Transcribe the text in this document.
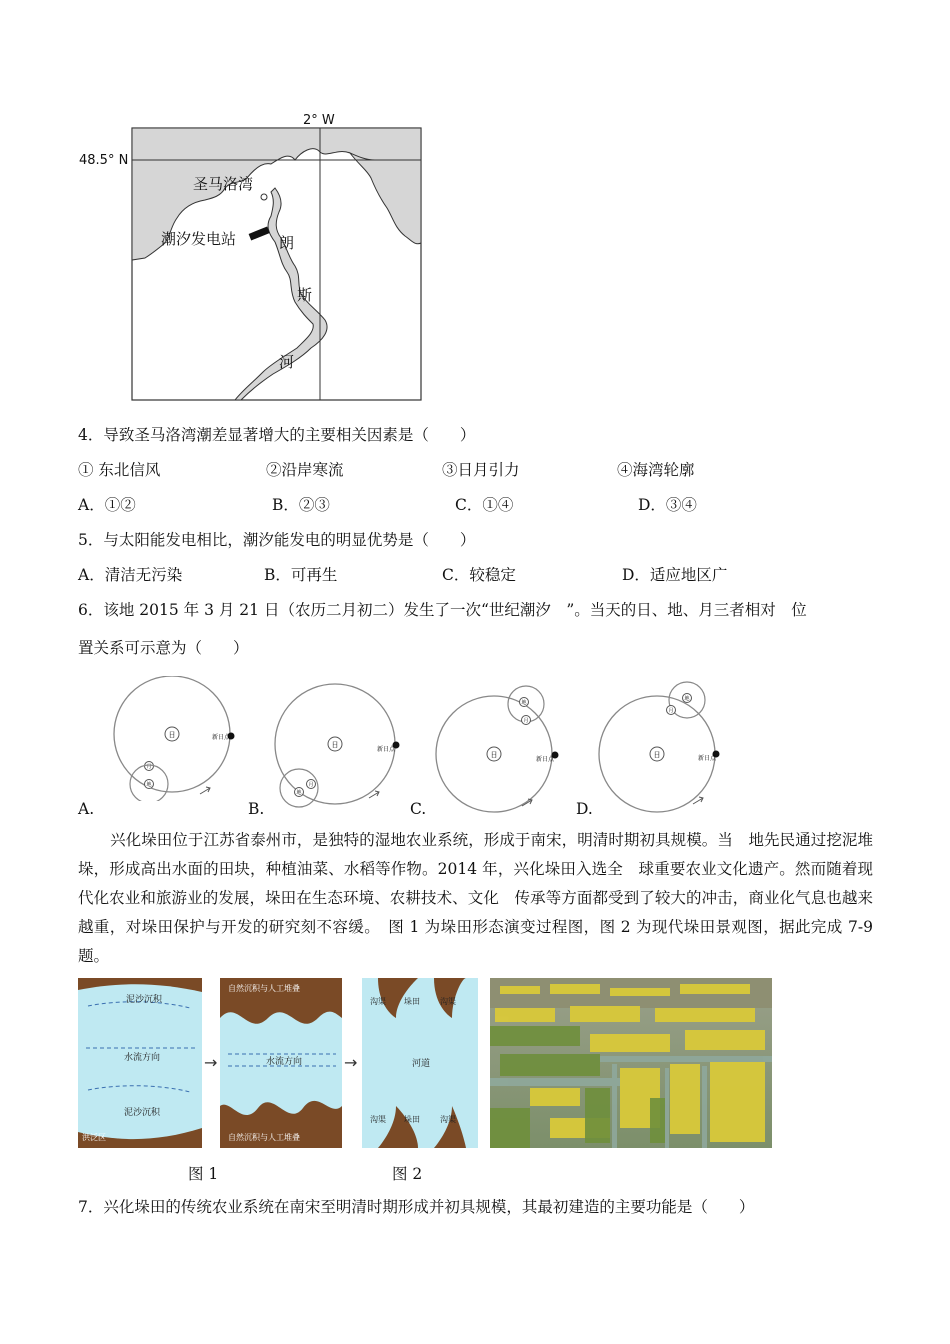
2° W
48.5° N
圣马洛湾
潮汐发电站	朗
斯
河
4．导致圣马洛湾潮差显著增大的主要相关因素是（　　）
① 东北信风	②沿岸寒流	③日月引力	④海湾轮廓
A．①②	B．②③	C．①④	D．③④
5．与太阳能发电相比，潮汐能发电的明显优势是（　　）
A．清洁无污染	B．可再生	C．较稳定	D．适应地区广
6．该地 2015 年 3 月 21 日（农历二月初二）发生了一次“世纪潮汐　”。当天的日、地、月三者相对　位
置关系可示意为（　　）
日
月
地
新日点
日
地
月
新日点
日
地
月
新日点
日
地
月
新日点
A.	B.	C.	D.
兴化垛田位于江苏省泰州市，是独特的湿地农业系统，形成于南宋，明清时期初具规模。当　地先民通过挖泥堆垛，形成高出水面的田块，种植油菜、水稻等作物。2014 年，兴化垛田入选全　球重要农业文化遗产。然而随着现代化农业和旅游业的发展，垛田在生态环境、农耕技术、文化　传承等方面都受到了较大的冲击，商业化气息也越来越重，对垛田保护与开发的研究刻不容缓。　图 1 为垛田形态演变过程图，图 2 为现代垛田景观图，据此完成 7-9 题。
泥沙沉积
水流方向
泥沙沉积
洪泛区
→
自然沉积与人工堆叠
水流方向
自然沉积与人工堆叠
→
沟渠 垛田	沟渠
河道
沟渠 垛田	沟渠
图 1	图 2
7．兴化垛田的传统农业系统在南宋至明清时期形成并初具规模，其最初建造的主要功能是（　　）
